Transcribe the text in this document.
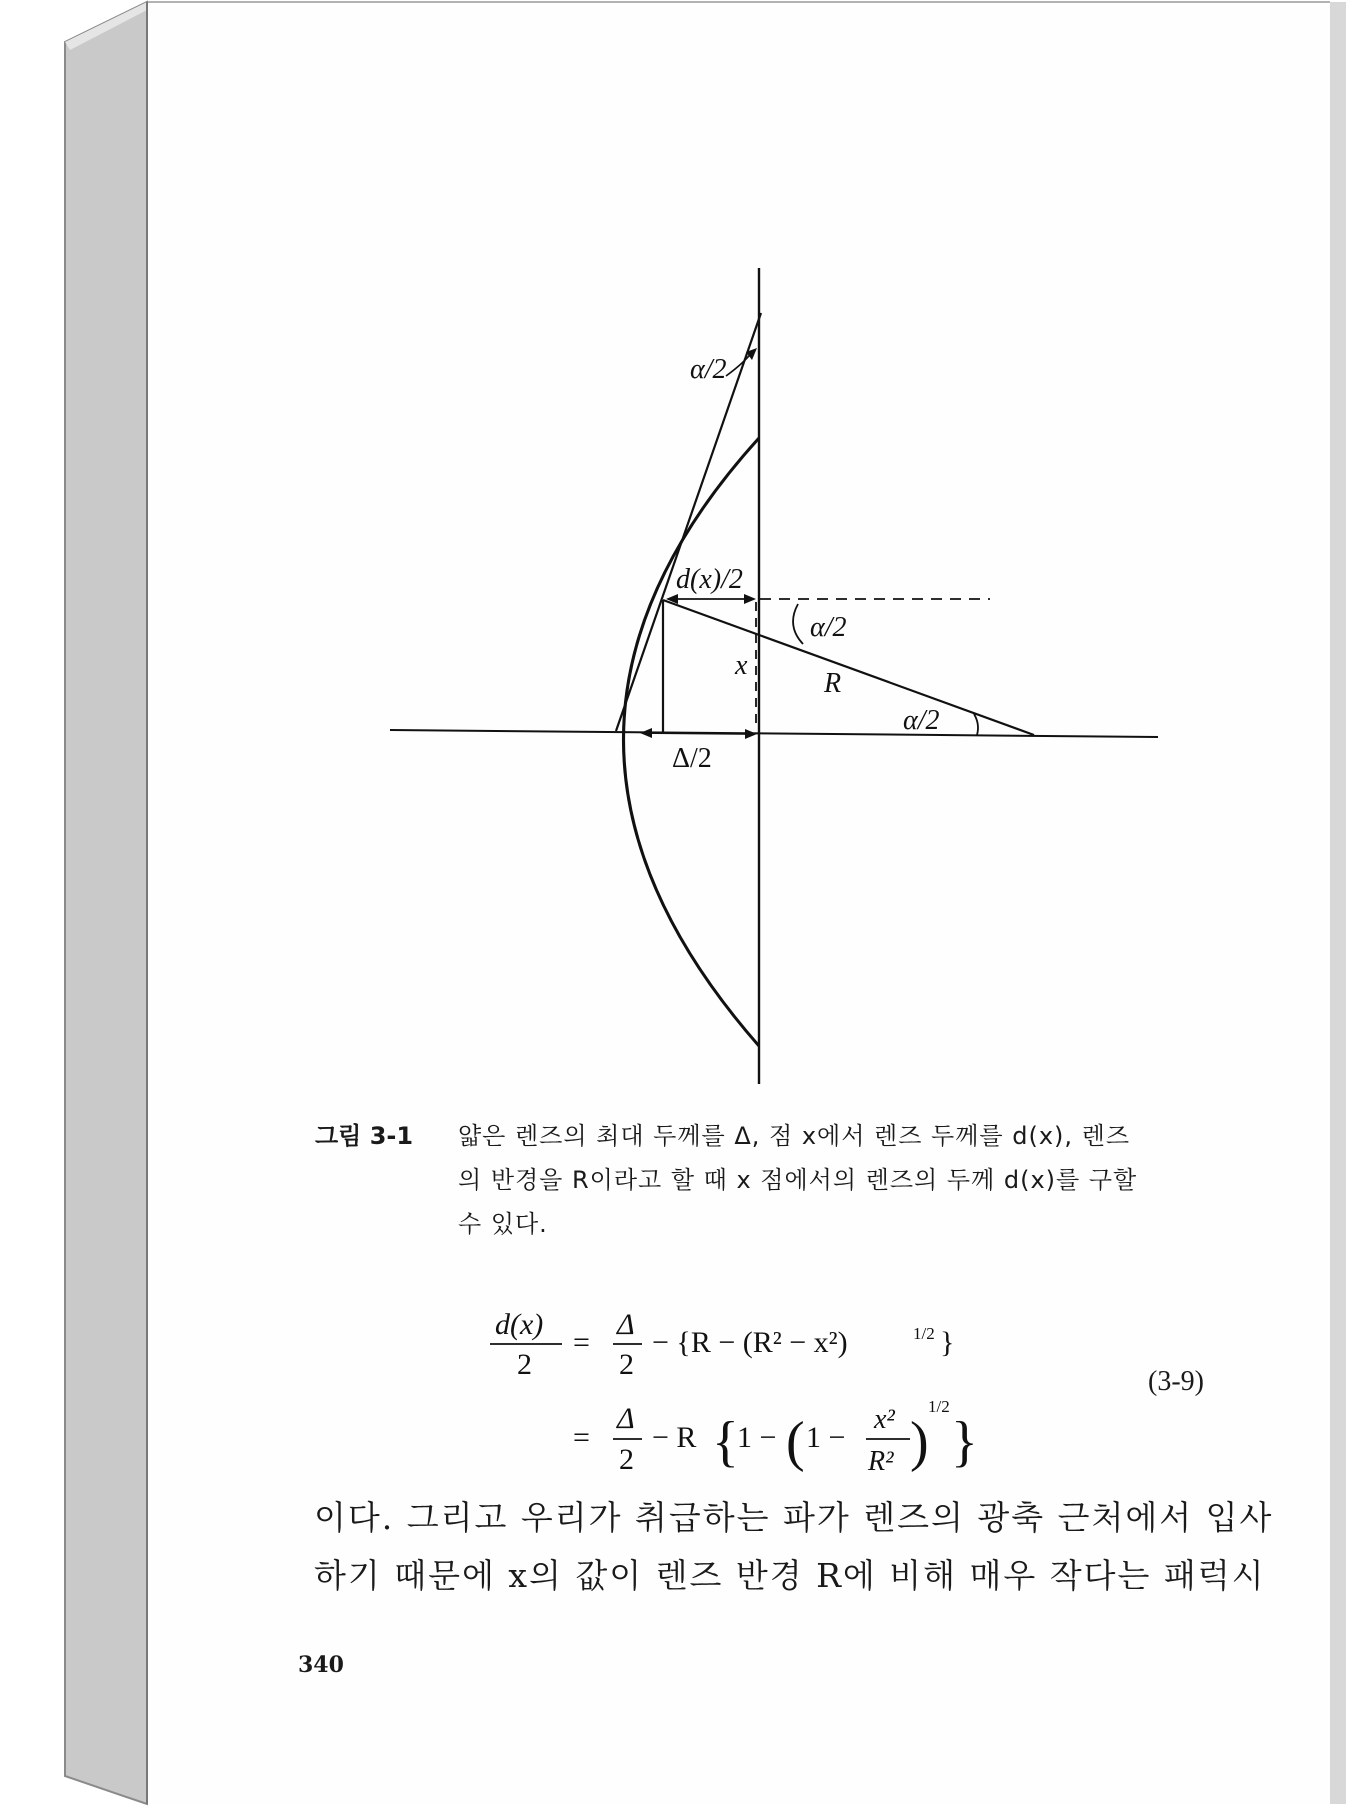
α/2
d(x)/2
α/2
x
R
α/2
Δ/2
d(x)
2
=
Δ
2
− {R − (R² − x²)	1/2 }
=
Δ
2
− R {
1 − ( 1 −
x²
R² )
1/2
}
(3-9)
그림 3-1 얇은 렌즈의 최대 두께를 Δ, 점 x에서 렌즈 두께를 d(x), 렌즈
의 반경을 R이라고 할 때 x 점에서의 렌즈의 두께 d(x)를 구할
수 있다.
이다. 그리고 우리가 취급하는 파가 렌즈의 광축 근처에서 입사
하기 때문에 x의 값이 렌즈 반경 R에 비해 매우 작다는 패럭시
340
